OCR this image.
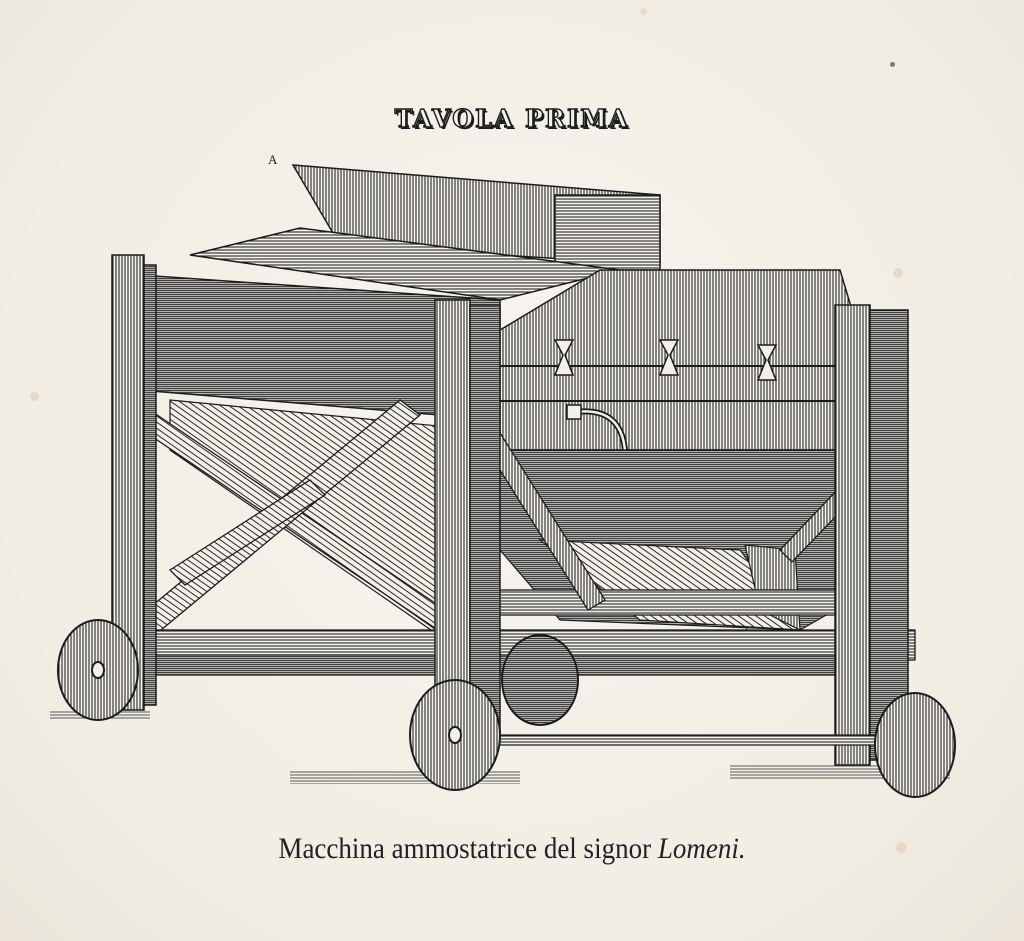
TAVOLA PRIMA
A
Macchina ammostatrice del signor Lomeni.
